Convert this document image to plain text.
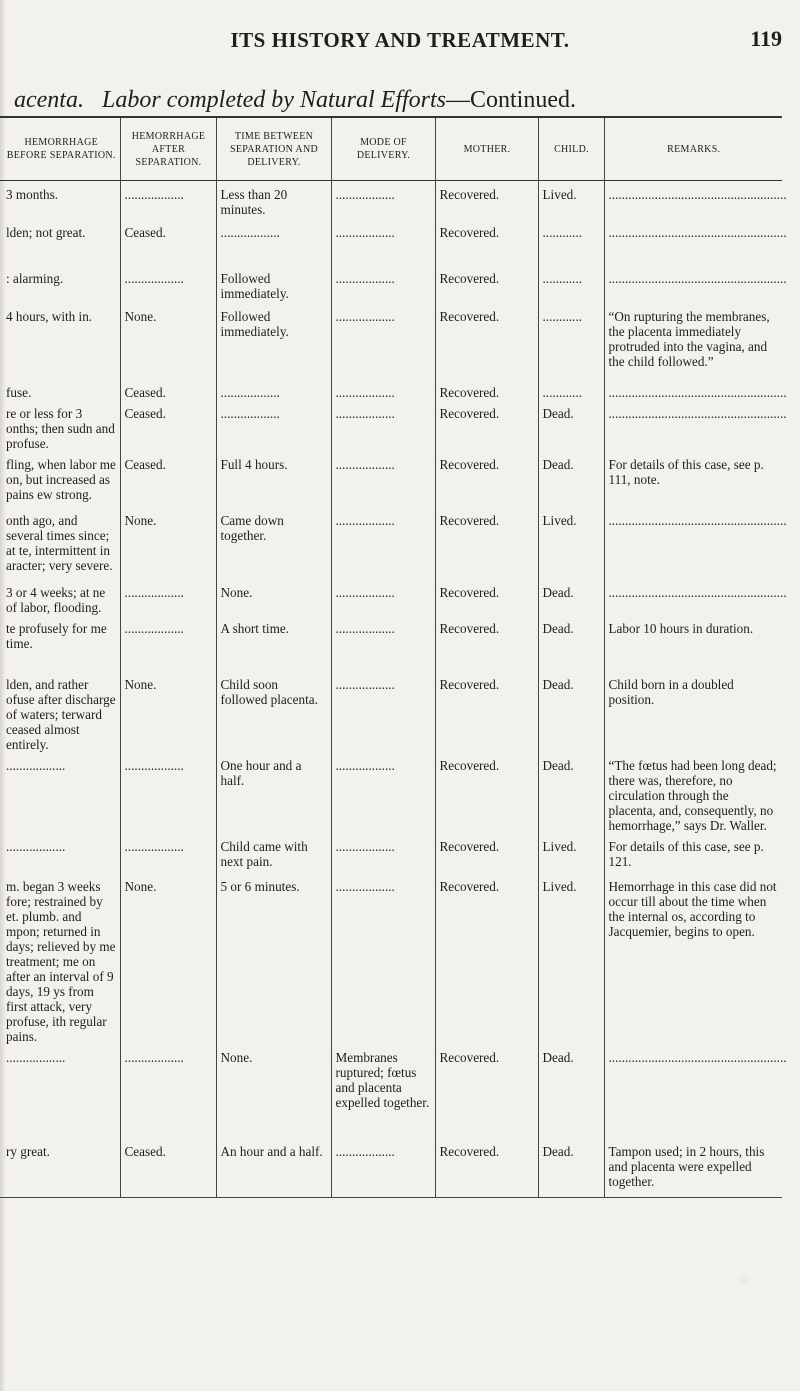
ITS HISTORY AND TREATMENT.	119
acenta. Labor completed by Natural Efforts—Continued.
HEMORRHAGE BEFORE SEPARATION.	HEMORRHAGE AFTER SEPARATION.	TIME BETWEEN SEPARATION AND DELIVERY.	MODE OF DELIVERY.	MOTHER.	CHILD.	REMARKS.
3 months.	..................	Less than 20 minutes.	..................	Recovered.	Lived.	......................................................
lden; not great.	Ceased.	..................	..................	Recovered.	............	......................................................
: alarming.	..................	Followed immediately.	..................	Recovered.	............	......................................................
4 hours, with in.	None.	Followed immediately.	..................	Recovered.	............	“On rupturing the membranes, the placenta immediately protruded into the vagina, and the child followed.”
fuse.	Ceased.	..................	..................	Recovered.	............	......................................................
re or less for 3 onths; then sudn and profuse.	Ceased.	..................	..................	Recovered.	Dead.	......................................................
fling, when labor me on, but increased as pains ew strong.	Ceased.	Full 4 hours.	..................	Recovered.	Dead.	For details of this case, see p. 111, note.
onth ago, and several times since; at te, intermittent in aracter; very severe.	None.	Came down together.	..................	Recovered.	Lived.	......................................................
3 or 4 weeks; at ne of labor, flooding.	..................	None.	..................	Recovered.	Dead.	......................................................
te profusely for me time.	..................	A short time.	..................	Recovered.	Dead.	Labor 10 hours in duration.
lden, and rather ofuse after discharge of waters; terward ceased almost entirely.	None.	Child soon followed placenta.	..................	Recovered.	Dead.	Child born in a doubled position.
..................	..................	One hour and a half.	..................	Recovered.	Dead.	“The fœtus had been long dead; there was, therefore, no circulation through the placenta, and, consequently, no hemorrhage,” says Dr. Waller.
..................	..................	Child came with next pain.	..................	Recovered.	Lived.	For details of this case, see p. 121.
m. began 3 weeks fore; restrained by et. plumb. and mpon; returned in days; relieved by me treatment; me on after an interval of 9 days, 19 ys from first attack, very profuse, ith regular pains.	None.	5 or 6 minutes.	..................	Recovered.	Lived.	Hemorrhage in this case did not occur till about the time when the internal os, according to Jacquemier, begins to open.
..................	..................	None.	Membranes ruptured; fœtus and placenta expelled together.	Recovered.	Dead.	......................................................
ry great.	Ceased.	An hour and a half.	..................	Recovered.	Dead.	Tampon used; in 2 hours, this and placenta were expelled together.
◌
